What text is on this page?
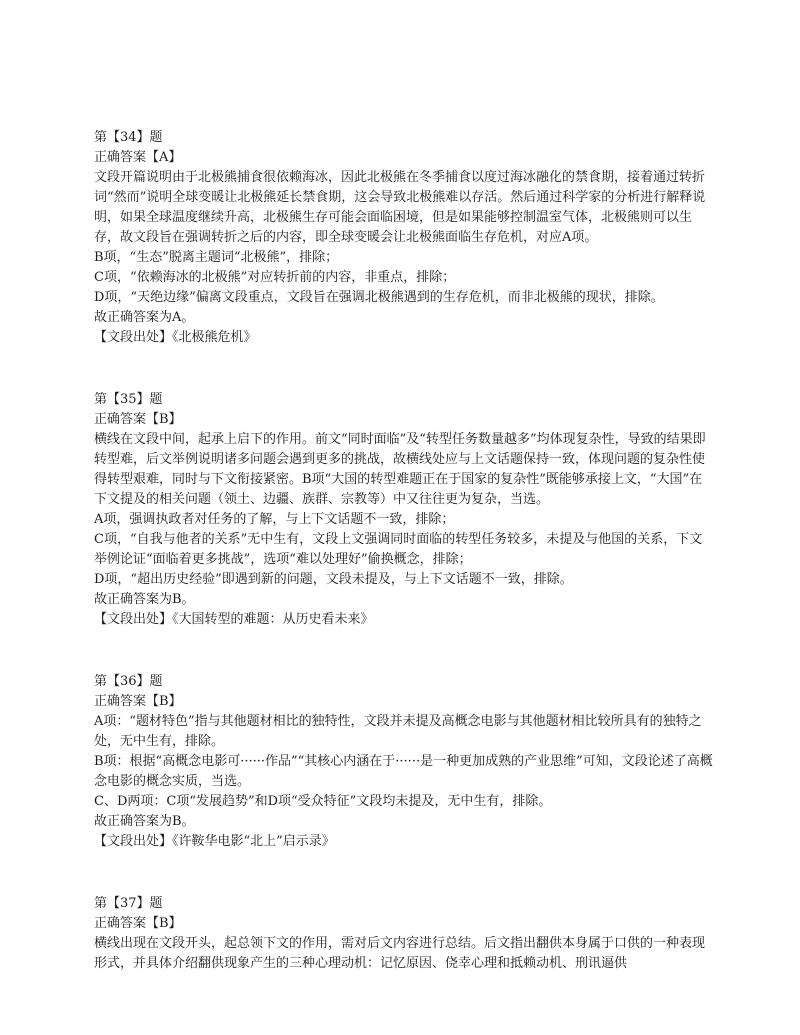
第【34】题

正确答案【A】

文段开篇说明由于北极熊捕食很依赖海冰，因此北极熊在冬季捕食以度过海冰融化的禁食期，接着通过转折词“然而”说明全球变暖让北极熊延长禁食期，这会导致北极熊难以存活。然后通过科学家的分析进行解释说明，如果全球温度继续升高，北极熊生存可能会面临困境，但是如果能够控制温室气体，北极熊则可以生存，故文段旨在强调转折之后的内容，即全球变暖会让北极熊面临生存危机，对应A项。

B项，“生态”脱离主题词“北极熊”，排除；

C项，“依赖海冰的北极熊”对应转折前的内容，非重点，排除；

D项，“天绝边缘”偏离文段重点，文段旨在强调北极熊遇到的生存危机，而非北极熊的现状，排除。

故正确答案为A。

【文段出处】《北极熊危机》

第【35】题

正确答案【B】

横线在文段中间，起承上启下的作用。前文“同时面临”及“转型任务数量越多”均体现复杂性，导致的结果即转型难，后文举例说明诸多问题会遇到更多的挑战，故横线处应与上文话题保持一致，体现问题的复杂性使得转型艰难，同时与下文衔接紧密。B项“大国的转型难题正在于国家的复杂性”既能够承接上文，“大国”在下文提及的相关问题（领土、边疆、族群、宗教等）中又往往更为复杂，当选。

A项，强调执政者对任务的了解，与上下文话题不一致，排除；

C项，“自我与他者的关系”无中生有，文段上文强调同时面临的转型任务较多，未提及与他国的关系，下文举例论证“面临着更多挑战”，选项“难以处理好”偷换概念，排除；

D项，“超出历史经验”即遇到新的问题，文段未提及，与上下文话题不一致，排除。

故正确答案为B。

【文段出处】《大国转型的难题：从历史看未来》

第【36】题

正确答案【B】

A项：“题材特色”指与其他题材相比的独特性，文段并未提及高概念电影与其他题材相比较所具有的独特之处，无中生有，排除。

B项：根据“高概念电影可······作品”“其核心内涵在于······是一种更加成熟的产业思维”可知，文段论述了高概念电影的概念实质，当选。

C、D两项：C项“发展趋势”和D项“受众特征”文段均未提及，无中生有，排除。

故正确答案为B。

【文段出处】《许鞍华电影“北上”启示录》

第【37】题

正确答案【B】

横线出现在文段开头，起总领下文的作用，需对后文内容进行总结。后文指出翻供本身属于口供的一种表现形式，并具体介绍翻供现象产生的三种心理动机：记忆原因、侥幸心理和抵赖动机、刑讯逼供
